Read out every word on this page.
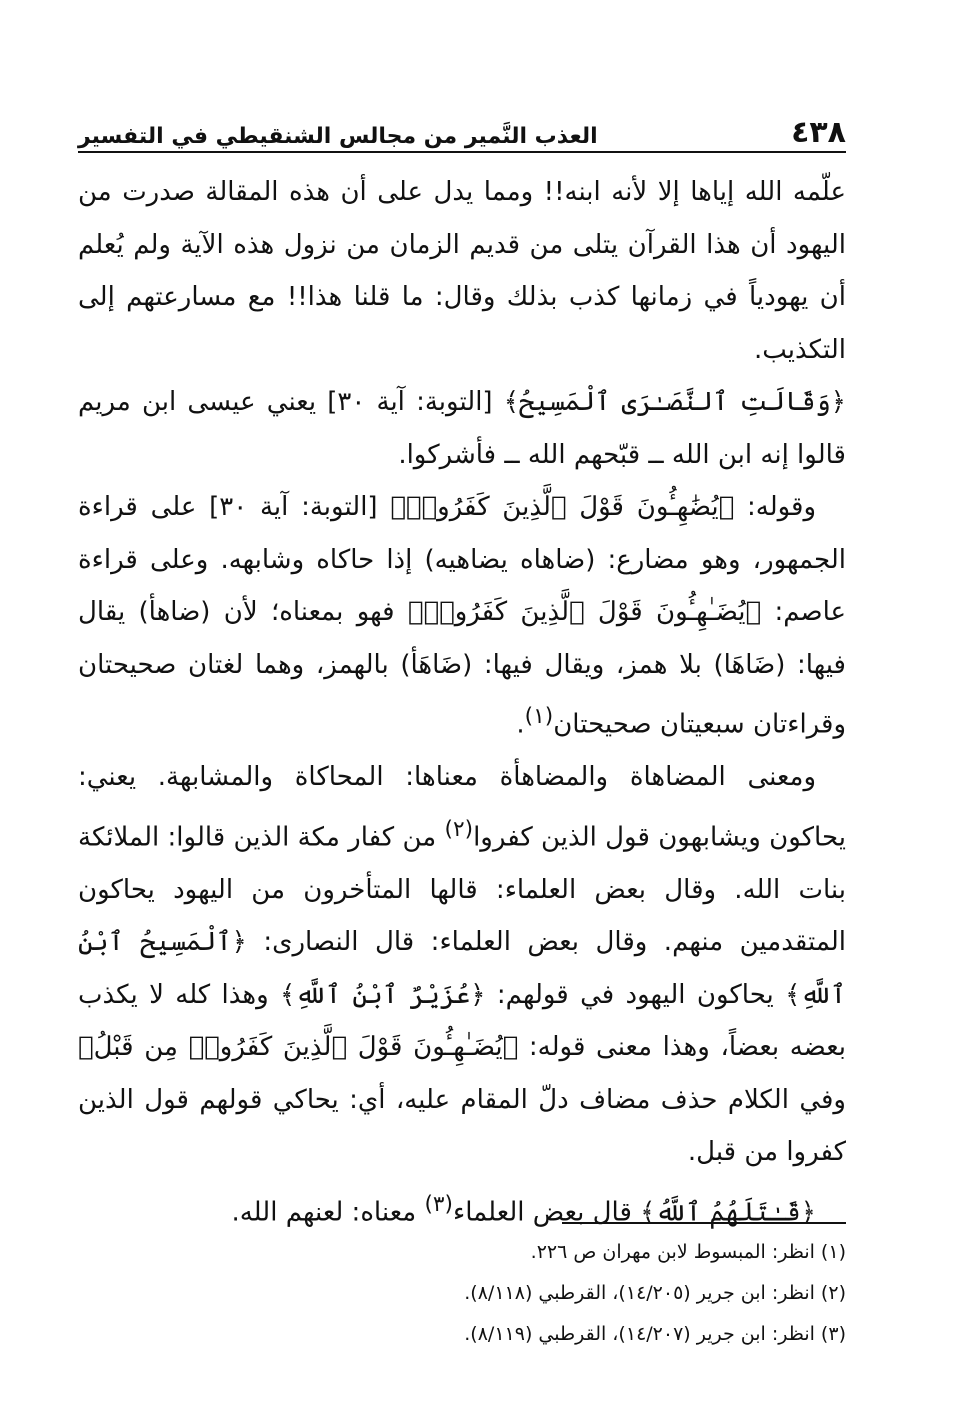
٤٣٨
العذب النَّمير من مجالس الشنقيطي في التفسير

علّمه الله إياها إلا لأنه ابنه!! ومما يدل على أن هذه المقالة صدرت من اليهود أن هذا القرآن يتلى من قديم الزمان من نزول هذه الآية ولم يُعلم أن يهودياً في زمانها كذب بذلك وقال: ما قلنا هذا!! مع مسارعتهم إلى التكذيب.

﴿وَقَالَتِ ٱلنَّصَـٰرَى ٱلْمَسِيحُ﴾ [التوبة: آية ٣٠] يعني عيسى ابن مريم قالوا إنه ابن الله ــ قبّحهم الله ــ فأشركوا.

وقوله: ﴿يُضَٰهِـُٔونَ قَوْلَ ٱلَّذِينَ كَفَرُوا۟﴾ [التوبة: آية ٣٠] على قراءة الجمهور، وهو مضارع: (ضاهاه يضاهيه) إذا حاكاه وشابهه. وعلى قراءة عاصم: ﴿يُضَـٰهِـُٔونَ قَوْلَ ٱلَّذِينَ كَفَرُوا۟﴾ فهو بمعناه؛ لأن (ضاهأ) يقال فيها: (ضَاهَا) بلا همز، ويقال فيها: (ضَاهَأ) بالهمز، وهما لغتان صحيحتان وقراءتان سبعيتان صحيحتان$^{(١)}$.

ومعنى المضاهاة والمضاهأة معناها: المحاكاة والمشابهة. يعني: يحاكون ويشابهون قول الذين كفروا$^{(٢)}$ من كفار مكة الذين قالوا: الملائكة بنات الله. وقال بعض العلماء: قالها المتأخرون من اليهود يحاكون المتقدمين منهم. وقال بعض العلماء: قال النصارى: ﴿ٱلْمَسِيحُ ٱبْنُ ٱللَّهِ﴾ يحاكون اليهود في قولهم: ﴿عُزَيْرٌ ٱبْنُ ٱللَّهِ﴾ وهذا كله لا يكذب بعضه بعضاً، وهذا معنى قوله: ﴿يُضَـٰهِـُٔونَ قَوْلَ ٱلَّذِينَ كَفَرُوا۟ مِن قَبْلُ﴾ وفي الكلام حذف مضاف دلّ المقام عليه، أي: يحاكي قولهم قول الذين كفروا من قبل.

﴿قَـٰتَلَهُمُ ٱللَّهُ﴾ قال بعض العلماء$^{(٣)}$ معناه: لعنهم الله.

(١) انظر: المبسوط لابن مهران ص ٢٢٦.

(٢) انظر: ابن جرير (١٤/٢٠٥)، القرطبي (٨/١١٨).

(٣) انظر: ابن جرير (١٤/٢٠٧)، القرطبي (٨/١١٩).
